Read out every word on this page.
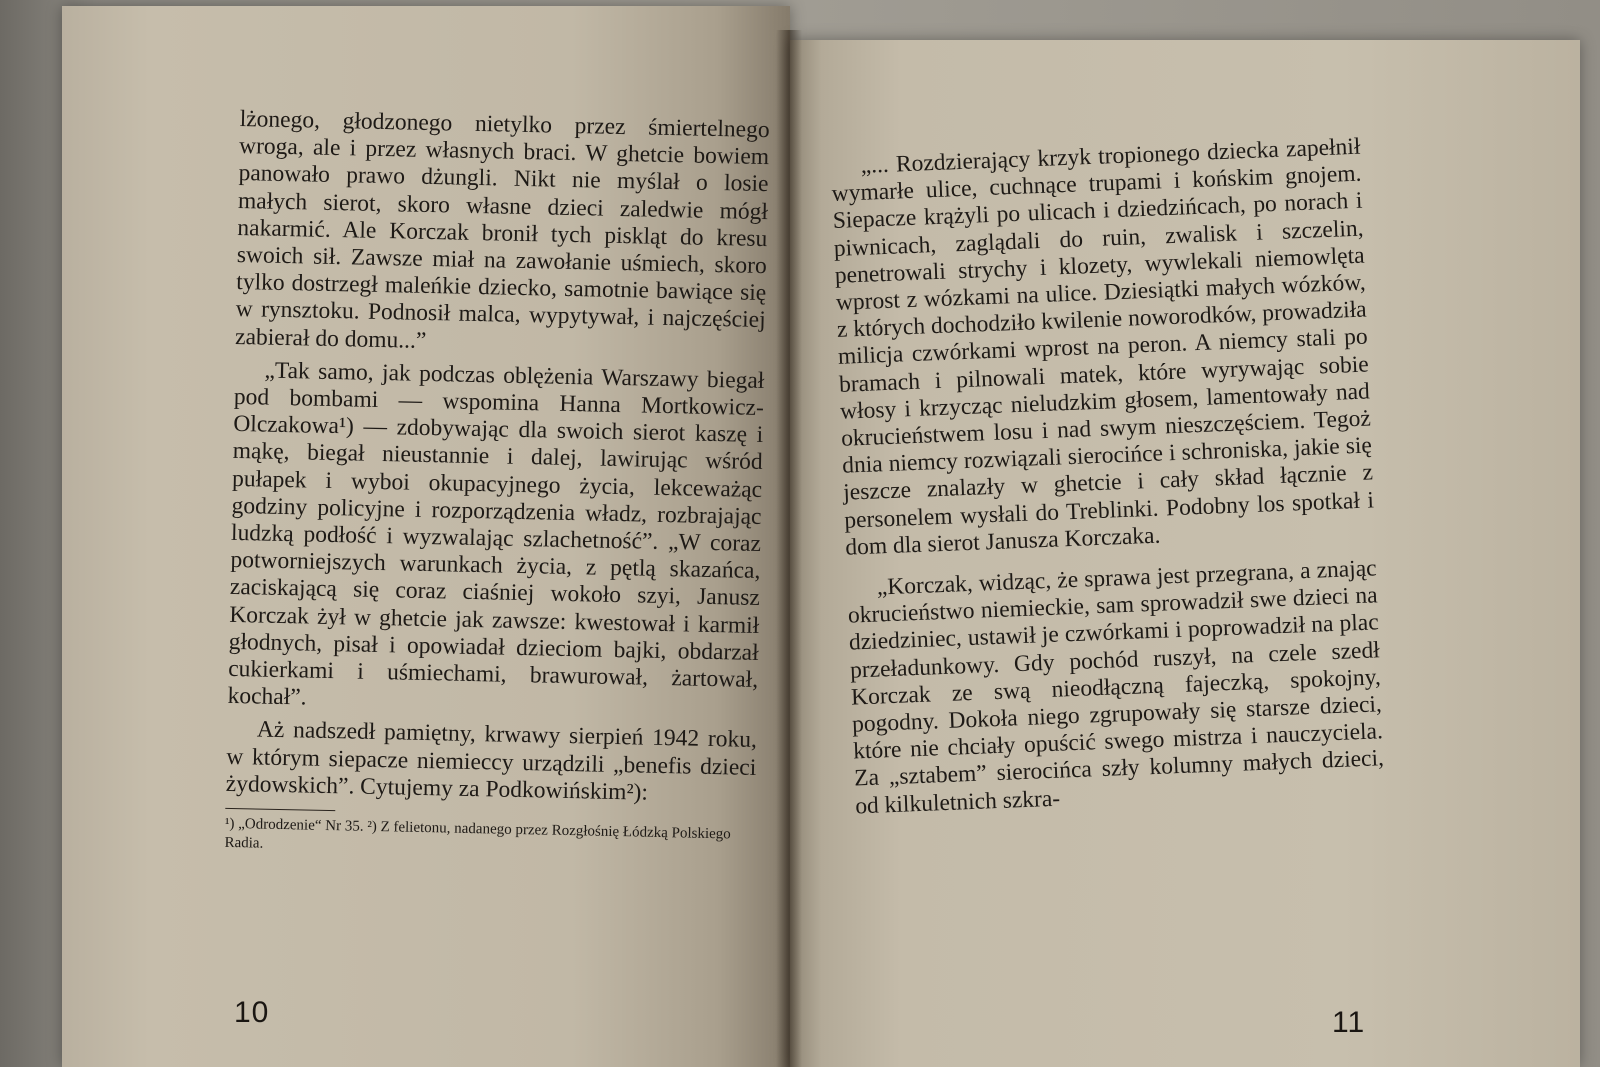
lżonego, głodzonego nietylko przez śmiertelnego wroga, ale i przez własnych braci. W ghetcie bowiem panowało prawo dżungli. Nikt nie myślał o losie małych sierot, skoro własne dzieci zaledwie mógł nakarmić. Ale Korczak bronił tych piskląt do kresu swoich sił. Zawsze miał na zawołanie uśmiech, skoro tylko dostrzegł maleńkie dziecko, samotnie bawiące się w rynsztoku. Podnosił malca, wypytywał, i najczęściej zabierał do domu...”

„Tak samo, jak podczas oblężenia Warszawy biegał pod bombami — wspomina Hanna Mortkowicz-Olczakowa¹) — zdobywając dla swoich sierot kaszę i mąkę, biegał nieustannie i dalej, lawirując wśród pułapek i wyboi okupacyjnego życia, lekceważąc godziny policyjne i rozporządzenia władz, rozbrajając ludzką podłość i wyzwalając szlachetność”. „W coraz potworniejszych warunkach życia, z pętlą skazańca, zaciskającą się coraz ciaśniej wokoło szyi, Janusz Korczak żył w ghetcie jak zawsze: kwestował i karmił głodnych, pisał i opowiadał dzieciom bajki, obdarzał cukierkami i uśmiechami, brawurował, żartował, kochał”.

Aż nadszedł pamiętny, krwawy sierpień 1942 roku, w którym siepacze niemieccy urządzili „benefis dzieci żydowskich”. Cytujemy za Podkowińskim²):

¹) „Odrodzenie“ Nr 35. ²) Z felietonu, nadanego przez Rozgłośnię Łódzką Polskiego Radia.

10

„... Rozdzierający krzyk tropionego dziecka zapełnił wymarłe ulice, cuchnące trupami i końskim gnojem. Siepacze krążyli po ulicach i dziedzińcach, po norach i piwnicach, zaglądali do ruin, zwalisk i szczelin, penetrowali strychy i klozety, wywlekali niemowlęta wprost z wózkami na ulice. Dziesiątki małych wózków, z których dochodziło kwilenie noworodków, prowadziła milicja czwórkami wprost na peron. A niemcy stali po bramach i pilnowali matek, które wyrywając sobie włosy i krzycząc nieludzkim głosem, lamentowały nad okrucieństwem losu i nad swym nieszczęściem. Tegoż dnia niemcy rozwiązali sierocińce i schroniska, jakie się jeszcze znalazły w ghetcie i cały skład łącznie z personelem wysłali do Treblinki. Podobny los spotkał i dom dla sierot Janusza Korczaka.

„Korczak, widząc, że sprawa jest przegrana, a znając okrucieństwo niemieckie, sam sprowadził swe dzieci na dziedziniec, ustawił je czwórkami i poprowadził na plac przeładunkowy. Gdy pochód ruszył, na czele szedł Korczak ze swą nieodłączną fajeczką, spokojny, pogodny. Dokoła niego zgrupowały się starsze dzieci, które nie chciały opuścić swego mistrza i nauczyciela. Za „sztabem” sierocińca szły kolumny małych dzieci, od kilkuletnich szkra-

11
